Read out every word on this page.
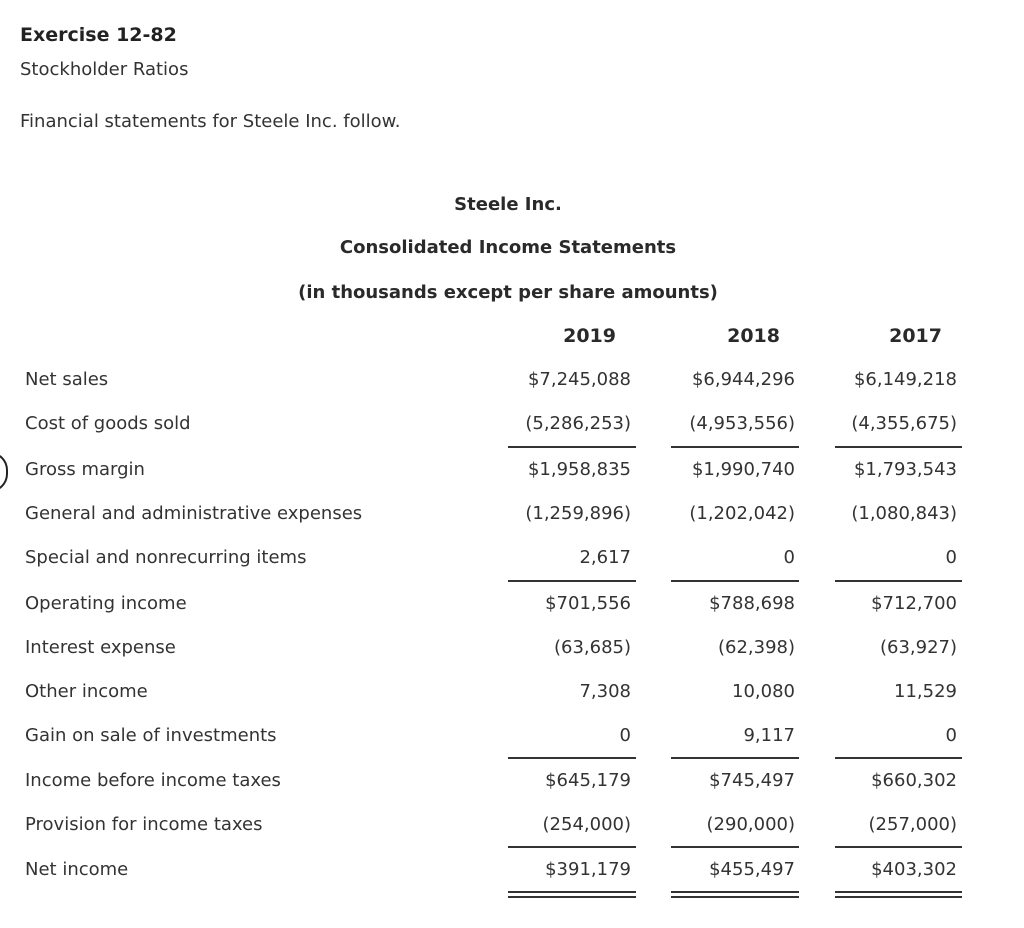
Exercise 12-82
Stockholder Ratios
Financial statements for Steele Inc. follow.
Steele Inc.
Consolidated Income Statements
(in thousands except per share amounts)
2019	2018	2017
Net sales	$7,245,088	$6,944,296	$6,149,218
Cost of goods sold	(5,286,253)	(4,953,556)	(4,355,675)
Gross margin	$1,958,835	$1,990,740	$1,793,543
General and administrative expenses	(1,259,896)	(1,202,042)	(1,080,843)
Special and nonrecurring items	2,617	0	0
Operating income	$701,556	$788,698	$712,700
Interest expense	(63,685)	(62,398)	(63,927)
Other income	7,308	10,080	11,529
Gain on sale of investments	0	9,117	0
Income before income taxes	$645,179	$745,497	$660,302
Provision for income taxes	(254,000)	(290,000)	(257,000)
Net income	$391,179	$455,497	$403,302
